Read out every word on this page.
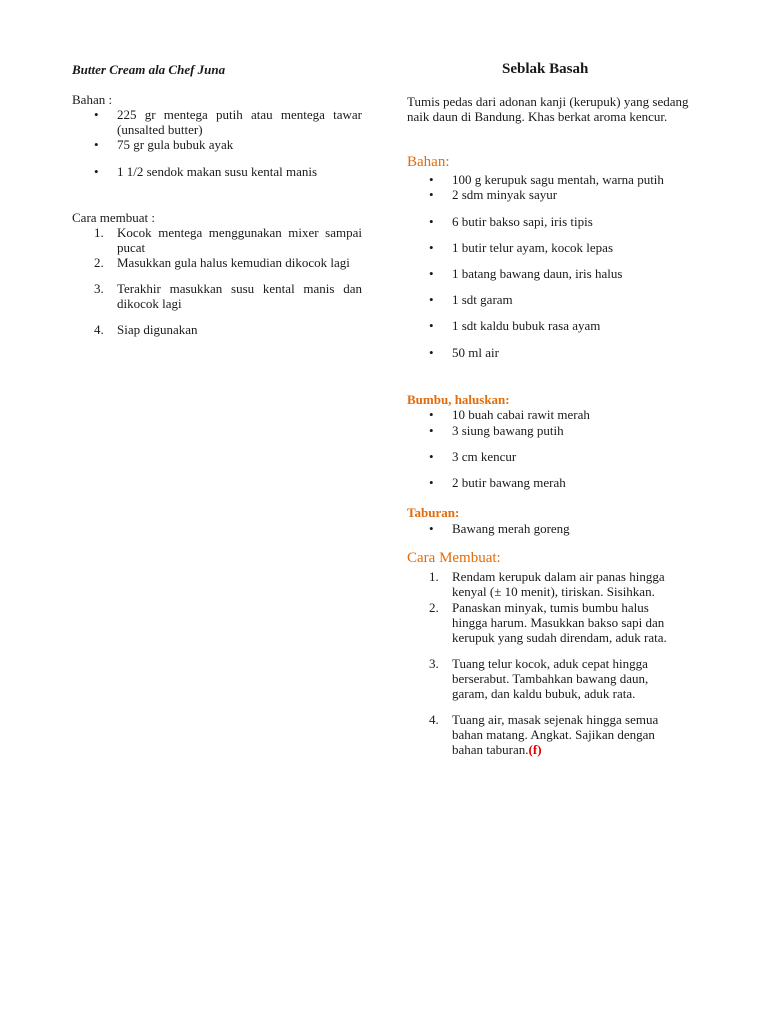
Butter Cream ala Chef Juna
Bahan :
• 225 gr mentega putih atau mentega tawar (unsalted butter)
• 75 gr gula bubuk ayak
• 1 1/2 sendok makan susu kental manis
Cara membuat :
1. Kocok mentega menggunakan mixer sampai pucat
2. Masukkan gula halus kemudian dikocok lagi
3. Terakhir masukkan susu kental manis dan dikocok lagi
4. Siap digunakan
Seblak Basah
Tumis pedas dari adonan kanji (kerupuk) yang sedang naik daun di Bandung. Khas berkat aroma kencur.
Bahan:
• 100 g kerupuk sagu mentah, warna putih
• 2 sdm minyak sayur
• 6 butir bakso sapi, iris tipis
• 1 butir telur ayam, kocok lepas
• 1 batang bawang daun, iris halus
• 1 sdt garam
• 1 sdt kaldu bubuk rasa ayam
• 50 ml air
Bumbu, haluskan:
• 10 buah cabai rawit merah
• 3 siung bawang putih
• 3 cm kencur
• 2 butir bawang merah
Taburan:
• Bawang merah goreng
Cara Membuat:
1. Rendam kerupuk dalam air panas hingga kenyal (± 10 menit), tiriskan. Sisihkan.
2. Panaskan minyak, tumis bumbu halus hingga harum. Masukkan bakso sapi dan kerupuk yang sudah direndam, aduk rata.
3. Tuang telur kocok, aduk cepat hingga berserabut. Tambahkan bawang daun, garam, dan kaldu bubuk, aduk rata.
4. Tuang air, masak sejenak hingga semua bahan matang. Angkat. Sajikan dengan bahan taburan.(f)
